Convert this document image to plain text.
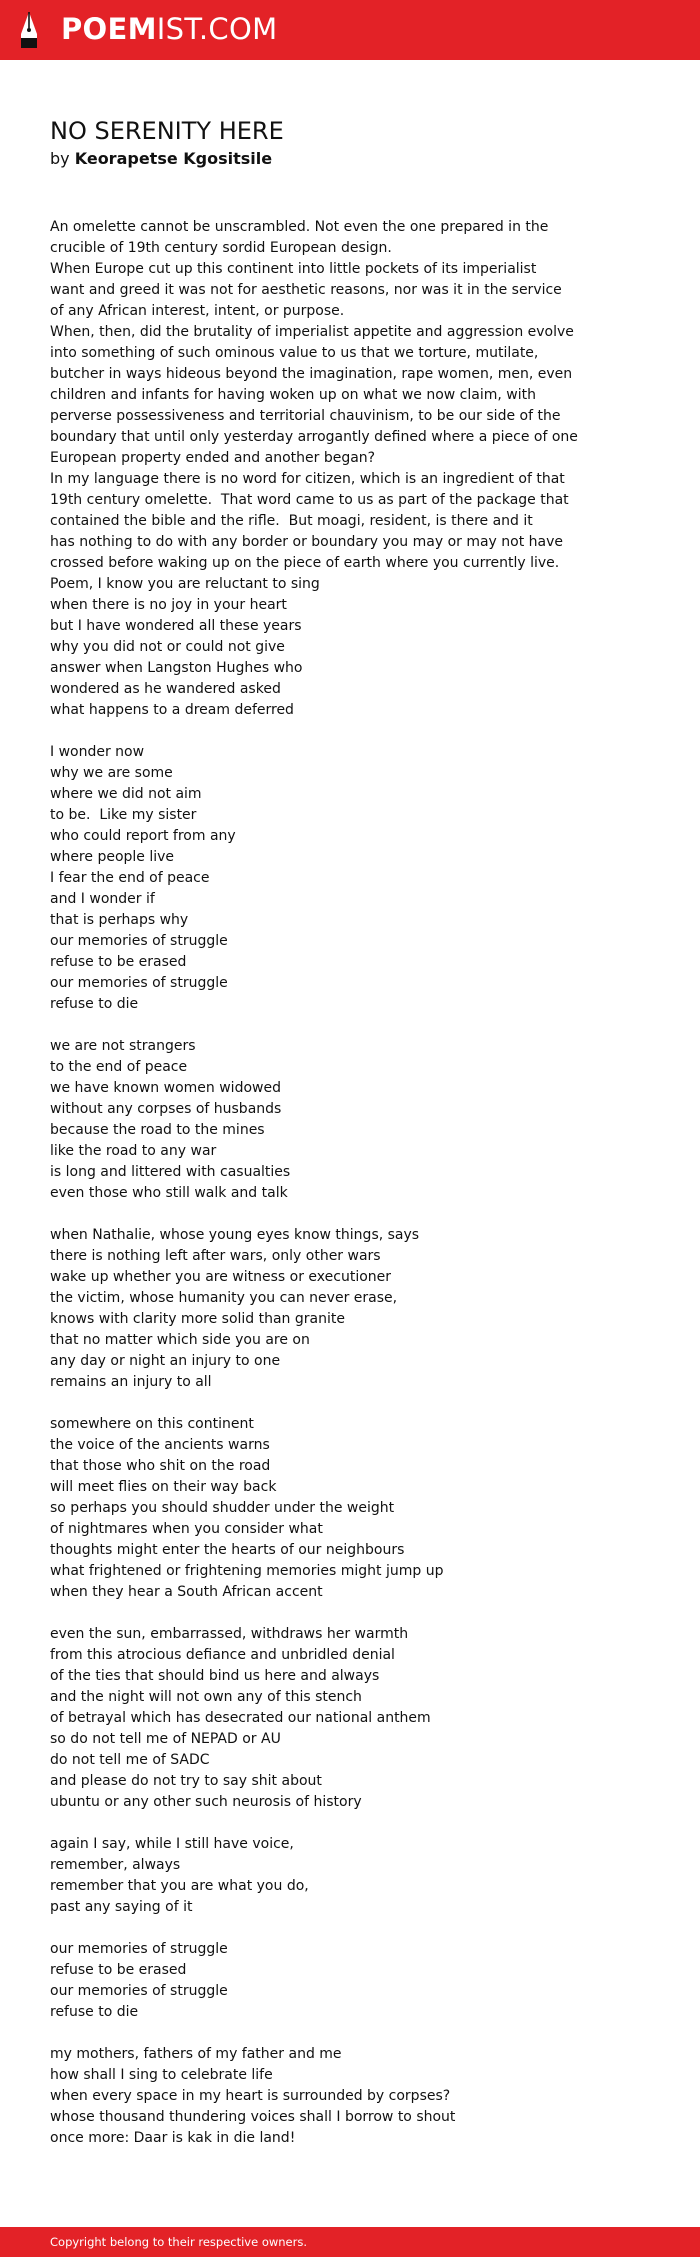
POEMIST.COM
NO SERENITY HERE
by Keorapetse Kgositsile
An omelette cannot be unscrambled. Not even the one prepared in the
crucible of 19th century sordid European design.
When Europe cut up this continent into little pockets of its imperialist
want and greed it was not for aesthetic reasons, nor was it in the service
of any African interest, intent, or purpose.
When, then, did the brutality of imperialist appetite and aggression evolve
into something of such ominous value to us that we torture, mutilate,
butcher in ways hideous beyond the imagination, rape women, men, even
children and infants for having woken up on what we now claim, with
perverse possessiveness and territorial chauvinism, to be our side of the
boundary that until only yesterday arrogantly defined where a piece of one
European property ended and another began?
In my language there is no word for citizen, which is an ingredient of that
19th century omelette.  That word came to us as part of the package that
contained the bible and the rifle.  But moagi, resident, is there and it
has nothing to do with any border or boundary you may or may not have
crossed before waking up on the piece of earth where you currently live.
Poem, I know you are reluctant to sing
when there is no joy in your heart
but I have wondered all these years
why you did not or could not give
answer when Langston Hughes who
wondered as he wandered asked
what happens to a dream deferred
I wonder now
why we are some
where we did not aim
to be.  Like my sister
who could report from any
where people live
I fear the end of peace
and I wonder if
that is perhaps why
our memories of struggle
refuse to be erased
our memories of struggle
refuse to die
we are not strangers
to the end of peace
we have known women widowed
without any corpses of husbands
because the road to the mines
like the road to any war
is long and littered with casualties
even those who still walk and talk
when Nathalie, whose young eyes know things, says
there is nothing left after wars, only other wars
wake up whether you are witness or executioner
the victim, whose humanity you can never erase,
knows with clarity more solid than granite
that no matter which side you are on
any day or night an injury to one
remains an injury to all
somewhere on this continent
the voice of the ancients warns
that those who shit on the road
will meet flies on their way back
so perhaps you should shudder under the weight
of nightmares when you consider what
thoughts might enter the hearts of our neighbours
what frightened or frightening memories might jump up
when they hear a South African accent
even the sun, embarrassed, withdraws her warmth
from this atrocious defiance and unbridled denial
of the ties that should bind us here and always
and the night will not own any of this stench
of betrayal which has desecrated our national anthem
so do not tell me of NEPAD or AU
do not tell me of SADC
and please do not try to say shit about
ubuntu or any other such neurosis of history
again I say, while I still have voice,
remember, always
remember that you are what you do,
past any saying of it
our memories of struggle
refuse to be erased
our memories of struggle
refuse to die
my mothers, fathers of my father and me
how shall I sing to celebrate life
when every space in my heart is surrounded by corpses?
whose thousand thundering voices shall I borrow to shout
once more: Daar is kak in die land!
Copyright belong to their respective owners.
